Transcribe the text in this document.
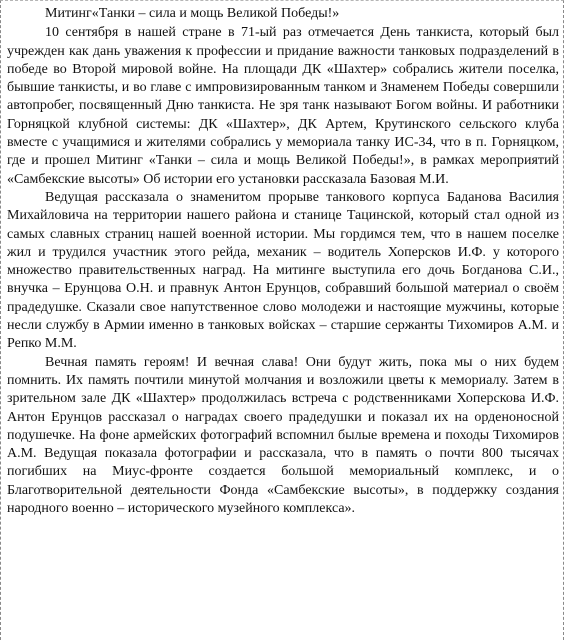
Митинг«Танки – сила и мощь Великой Победы!»

10 сентября в нашей стране в 71-ый раз отмечается День танкиста, который был учрежден как дань уважения к профессии и придание важности танковых подразделений в победе во Второй мировой войне. На площади ДК «Шахтер» собрались жители поселка, бывшие танкисты, и во главе с импровизированным танком и Знаменем Победы совершили автопробег, посвященный Дню танкиста. Не зря танк называют Богом войны. И работники Горняцкой клубной системы: ДК «Шахтер», ДК Артем, Крутинского сельского клуба вместе с учащимися и жителями собрались у мемориала танку ИС-34, что в п. Горняцком, где и прошел Митинг «Танки – сила и мощь Великой Победы!», в рамках мероприятий «Самбекские высоты» Об истории его установки рассказала Базовая М.И.

Ведущая рассказала о знаменитом прорыве танкового корпуса Баданова Василия Михайловича на территории нашего района и станице Тацинской, который стал одной из самых славных страниц нашей военной истории. Мы гордимся тем, что в нашем поселке жил и трудился участник этого рейда, механик – водитель Хоперсков И.Ф. у которого множество правительственных наград. На митинге выступила его дочь Богданова С.И., внучка – Ерунцова О.Н. и правнук Антон Ерунцов, собравший большой материал о своём прадедушке. Сказали свое напутственное слово молодежи и настоящие мужчины, которые несли службу в Армии именно в танковых войсках – старшие сержанты Тихомиров А.М. и Репко М.М.

Вечная память героям! И вечная слава! Они будут жить, пока мы о них будем помнить. Их память почтили минутой молчания и возложили цветы к мемориалу. Затем в зрительном зале ДК «Шахтер» продолжилась встреча с родственниками Хоперскова И.Ф. Антон Ерунцов рассказал о наградах своего прадедушки и показал их на орденоносной подушечке. На фоне армейских фотографий вспомнил былые времена и походы Тихомиров А.М. Ведущая показала фотографии и рассказала, что в память о почти 800 тысячах погибших на Миус-фронте создается большой мемориальный комплекс, и о Благотворительной деятельности Фонда «Самбекские высоты», в поддержку создания народного военно – исторического музейного комплекса».
